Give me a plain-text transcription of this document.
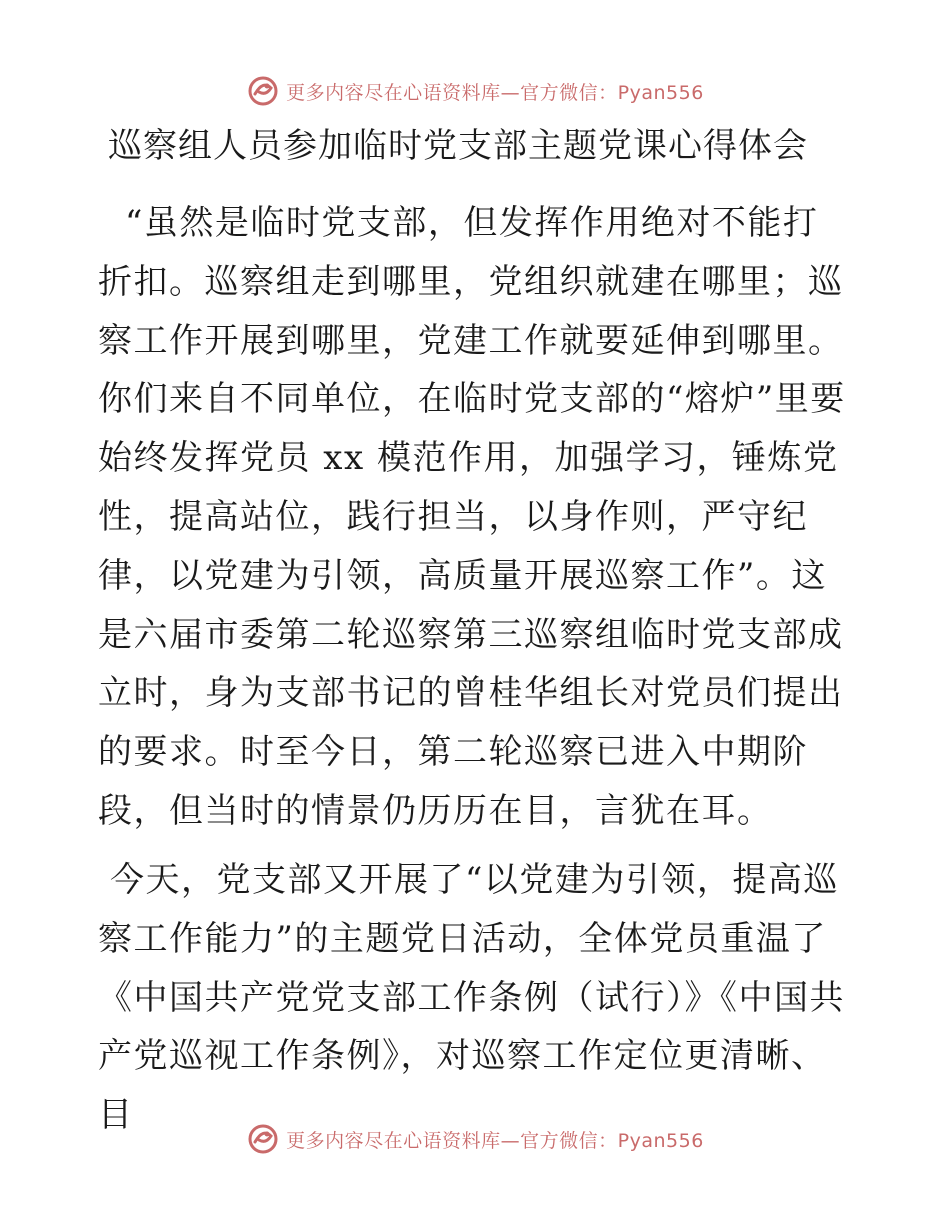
更多内容尽在心语资料库—官方微信：Pyan556
巡察组人员参加临时党支部主题党课心得体会
“虽然是临时党支部，但发挥作用绝对不能打折扣。巡察组走到哪里，党组织就建在哪里；巡察工作开展到哪里，党建工作就要延伸到哪里。你们来自不同单位，在临时党支部的“熔炉”里要始终发挥党员 xx 模范作用，加强学习，锤炼党性，提高站位，践行担当，以身作则，严守纪律，以党建为引领，高质量开展巡察工作”。这是六届市委第二轮巡察第三巡察组临时党支部成立时，身为支部书记的曾桂华组长对党员们提出的要求。时至今日，第二轮巡察已进入中期阶段，但当时的情景仍历历在目，言犹在耳。
今天，党支部又开展了“以党建为引领，提高巡察工作能力”的主题党日活动，全体党员重温了《中国共产党党支部工作条例（试行）》《中国共产党巡视工作条例》，对巡察工作定位更清晰、目
更多内容尽在心语资料库—官方微信：Pyan556
